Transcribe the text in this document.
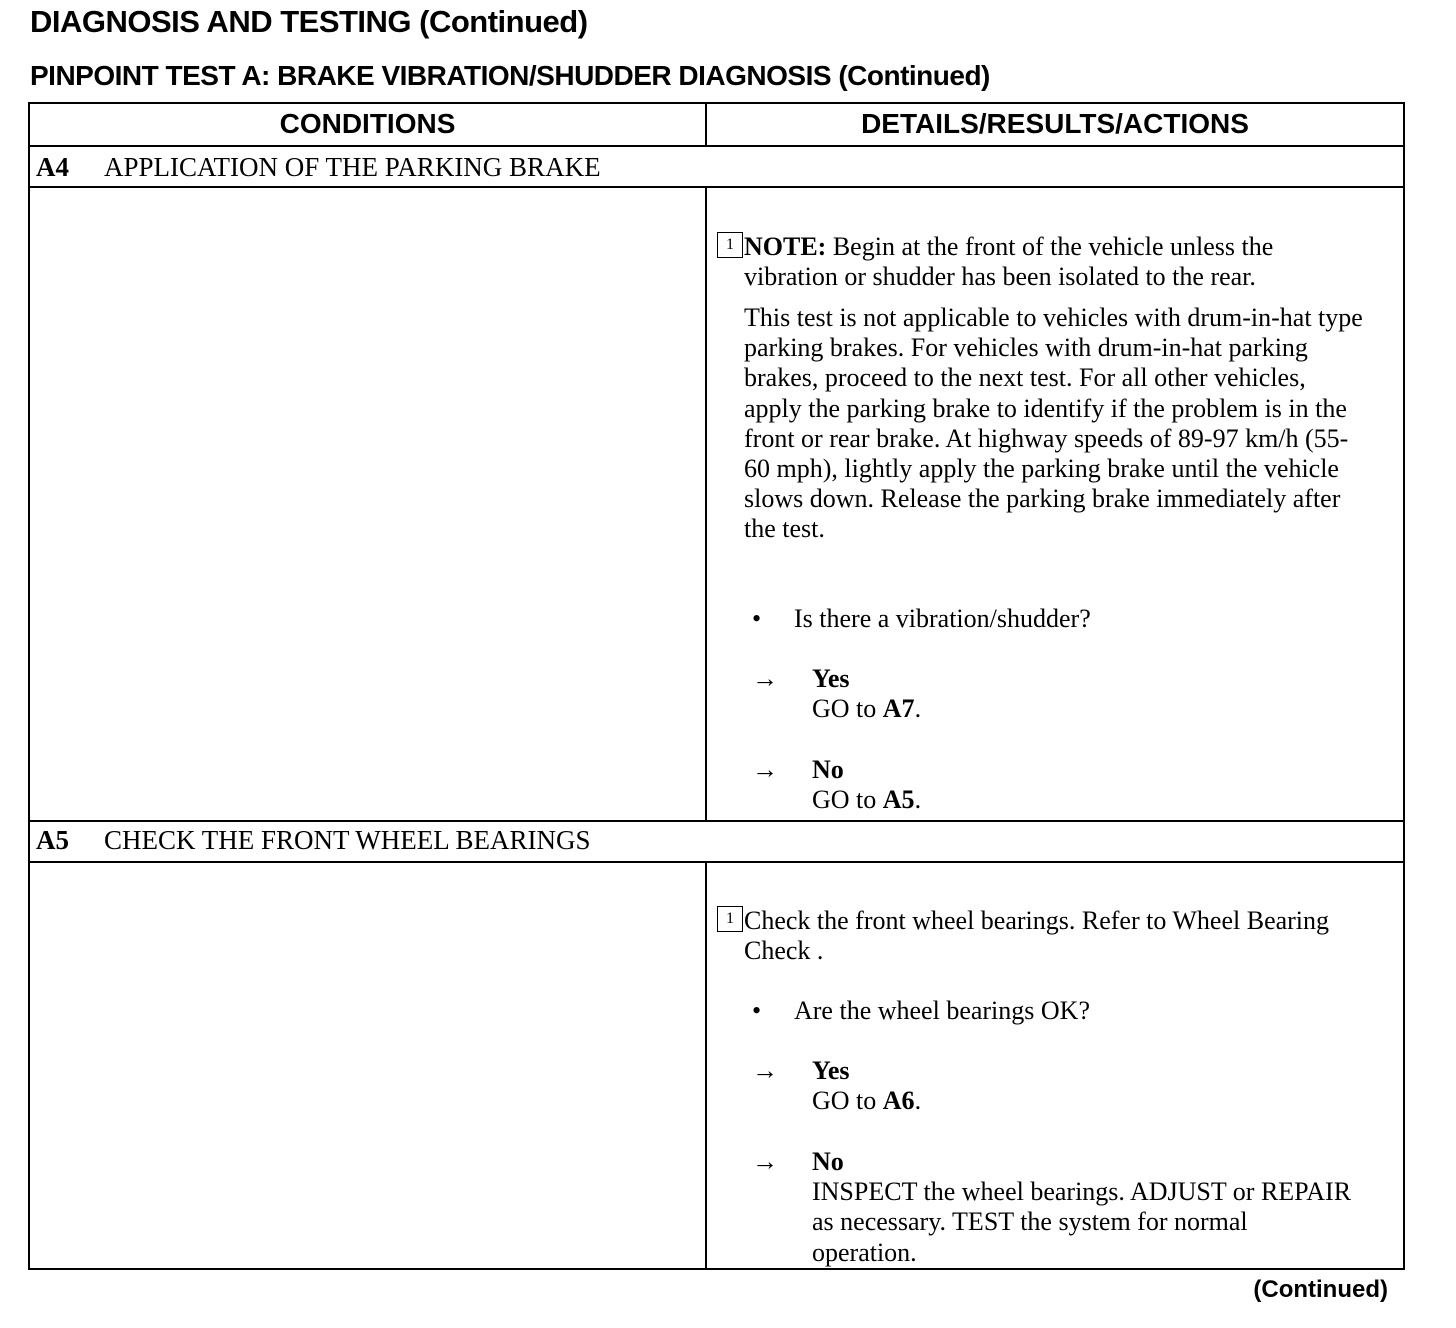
DIAGNOSIS AND TESTING (Continued)
PINPOINT TEST A: BRAKE VIBRATION/SHUDDER DIAGNOSIS (Continued)
CONDITIONS	DETAILS/RESULTS/ACTIONS
A4 APPLICATION OF THE PARKING BRAKE
A5 CHECK THE FRONT WHEEL BEARINGS
1 NOTE: Begin at the front of the vehicle unless the vibration or shudder has been isolated to the rear.

This test is not applicable to vehicles with drum-in-hat type parking brakes. For vehicles with drum-in-hat parking brakes, proceed to the next test. For all other vehicles, apply the parking brake to identify if the problem is in the front or rear brake. At highway speeds of 89-97 km/h (55-60 mph), lightly apply the parking brake until the vehicle slows down. Release the parking brake immediately after the test.
• Is there a vibration/shudder?
→ Yes
GO to A7.
→ No
GO to A5.
1 Check the front wheel bearings. Refer to Wheel Bearing Check .
• Are the wheel bearings OK?
→ Yes
GO to A6.
→ No
INSPECT the wheel bearings. ADJUST or REPAIR as necessary. TEST the system for normal operation.
(Continued)
